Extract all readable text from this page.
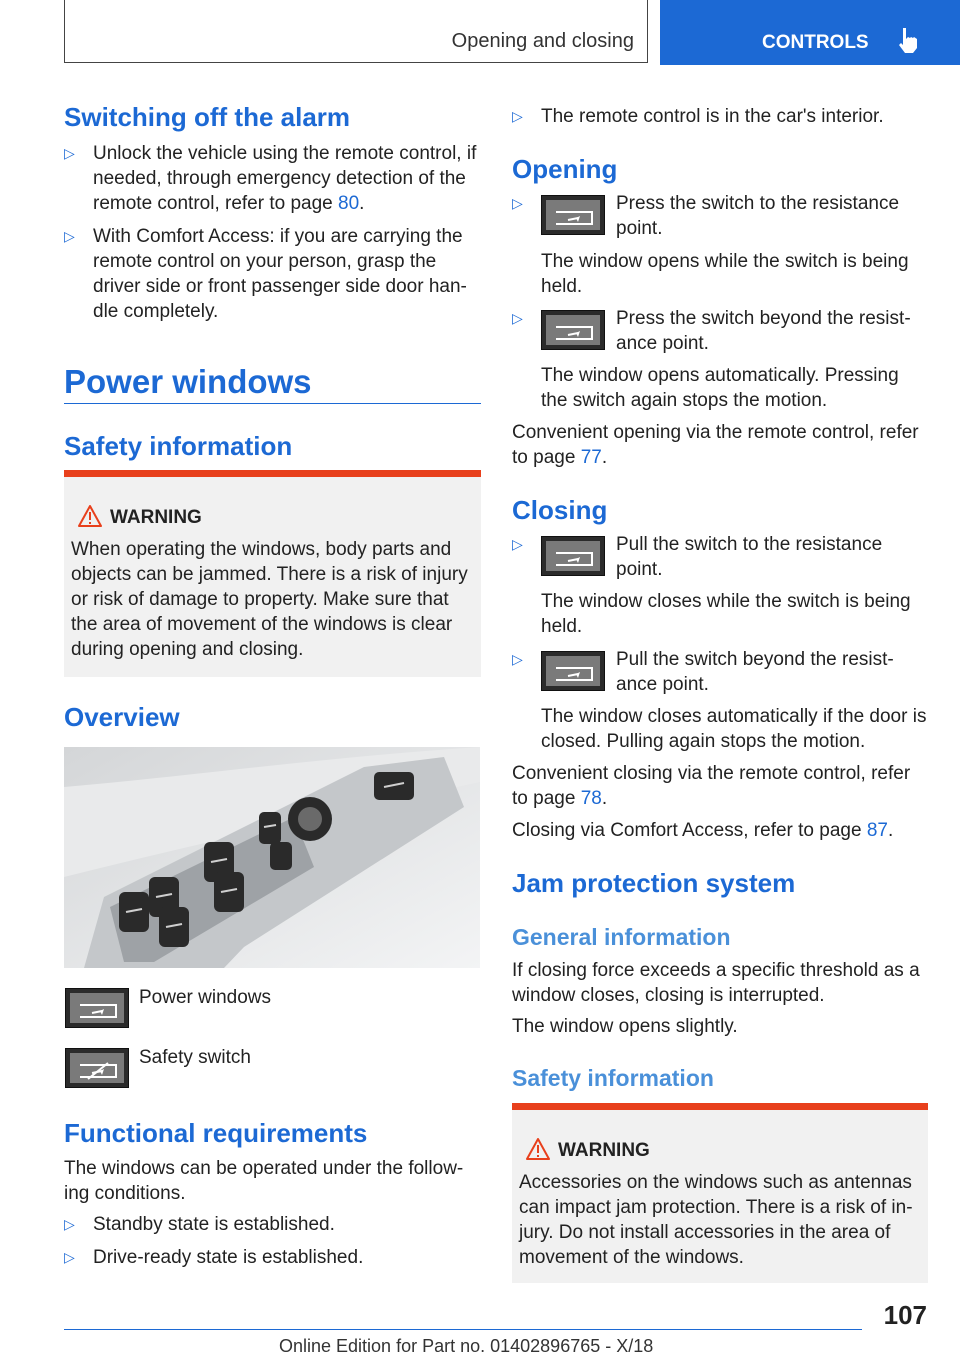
Opening and closing	CONTROLS
Switching off the alarm
▷ Unlock the vehicle using the remote control, if needed, through emergency detection of the remote control, refer to page 80.
▷ With Comfort Access: if you are carrying the remote control on your person, grasp the driver side or front passenger side door handle completely.
Power windows
Safety information
WARNING

When operating the windows, body parts and objects can be jammed. There is a risk of injury or risk of damage to property. Make sure that the area of movement of the windows is clear during opening and closing.

Overview
Power windows
Safety switch
Functional requirements

The windows can be operated under the following conditions.

▷ Standby state is established.
▷ Drive-ready state is established.
▷ The remote control is in the car's interior.
Opening
▷	Press the switch to the resistance point.

The window opens while the switch is being held.

▷	Press the switch beyond the resistance point.

The window opens automatically. Pressing the switch again stops the motion.

Convenient opening via the remote control, refer to page 77.

Closing
▷	Pull the switch to the resistance point.

The window closes while the switch is being held.

▷	Pull the switch beyond the resistance point.

The window closes automatically if the door is closed. Pulling again stops the motion.

Convenient closing via the remote control, refer to page 78.

Closing via Comfort Access, refer to page 87.

Jam protection system
General information

If closing force exceeds a specific threshold as a window closes, closing is interrupted.

The window opens slightly.

Safety information
WARNING

Accessories on the windows such as antennas can impact jam protection. There is a risk of injury. Do not install accessories in the area of movement of the windows.

107
Online Edition for Part no. 01402896765 - X/18
